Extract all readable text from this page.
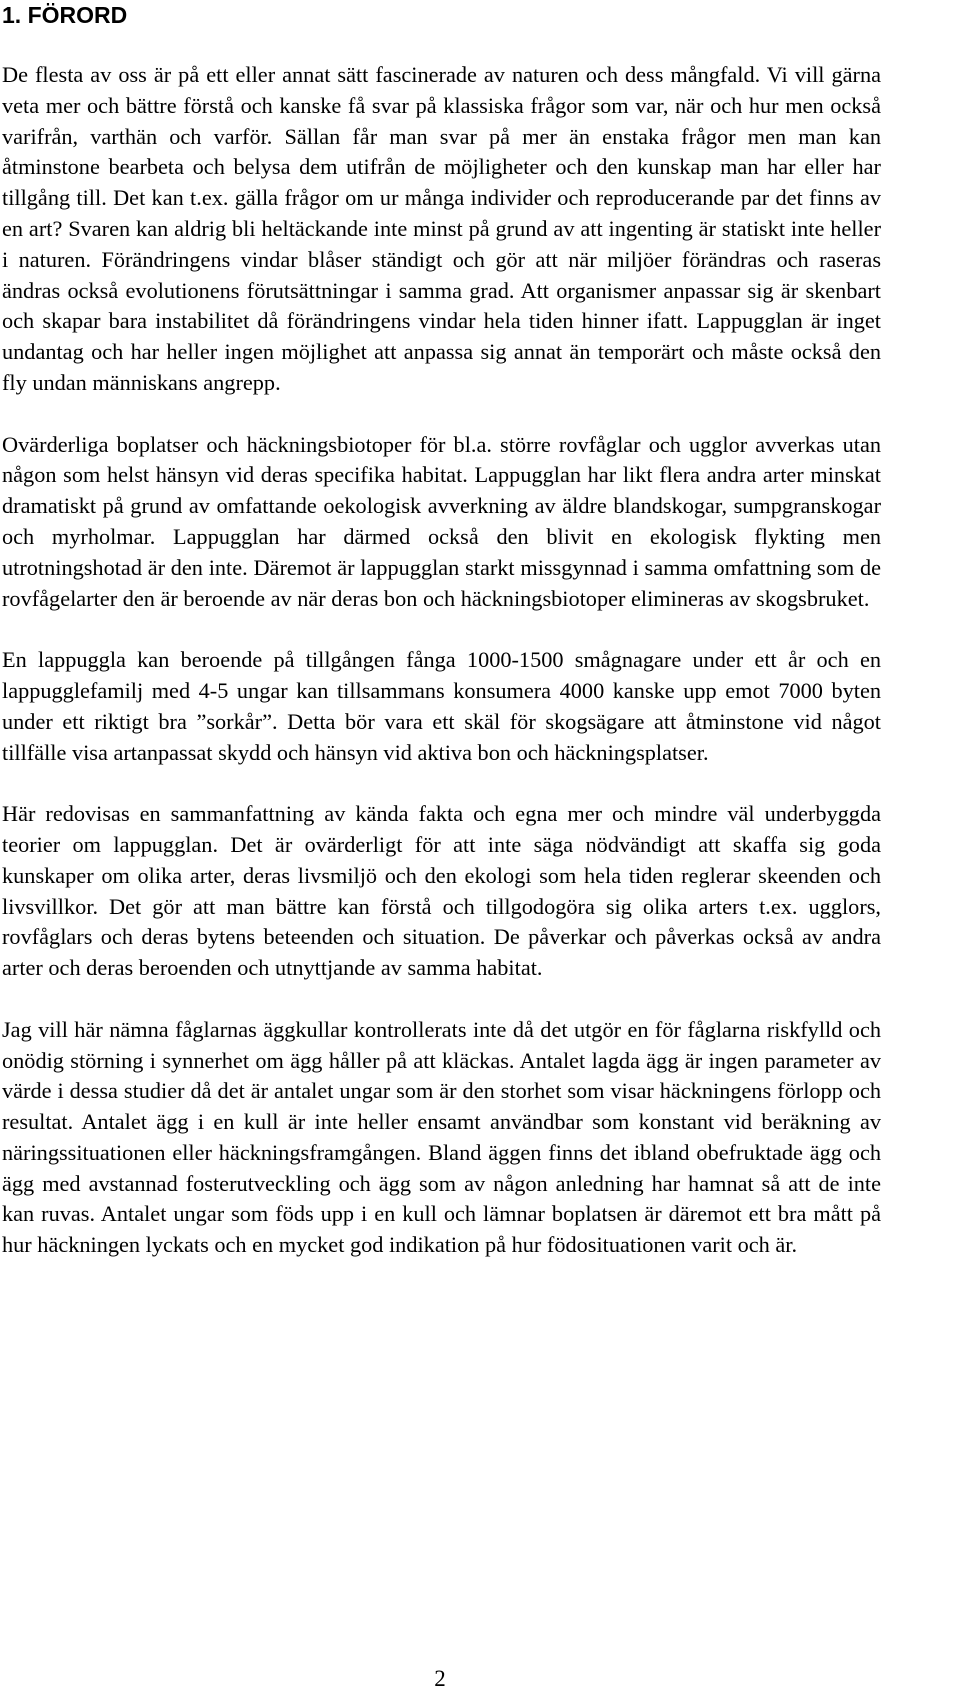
1. FÖRORD

De flesta av oss är på ett eller annat sätt fascinerade av naturen och dess mångfald. Vi vill gärna veta mer och bättre förstå och kanske få svar på klassiska frågor som var, när och hur men också varifrån, varthän och varför. Sällan får man svar på mer än enstaka frågor men man kan åtminstone bearbeta och belysa dem utifrån de möjligheter och den kunskap man har eller har tillgång till. Det kan t.ex. gälla frågor om ur många individer och reproducerande par det finns av en art? Svaren kan aldrig bli heltäckande inte minst på grund av att ingenting är statiskt inte heller i naturen. Förändringens vindar blåser ständigt och gör att när miljöer förändras och raseras ändras också evolutionens förutsättningar i samma grad. Att organismer anpassar sig är skenbart och skapar bara instabilitet då förändringens vindar hela tiden hinner ifatt. Lappugglan är inget undantag och har heller ingen möjlighet att anpassa sig annat än temporärt och måste också den fly undan människans angrepp.

Ovärderliga boplatser och häckningsbiotoper för bl.a. större rovfåglar och ugglor avverkas utan någon som helst hänsyn vid deras specifika habitat. Lappugglan har likt flera andra arter minskat dramatiskt på grund av omfattande oekologisk avverkning av äldre blandskogar, sumpgranskogar och myrholmar. Lappugglan har därmed också den blivit en ekologisk flykting men utrotningshotad är den inte. Däremot är lappugglan starkt missgynnad i samma omfattning som de rovfågelarter den är beroende av när deras bon och häckningsbiotoper elimineras av skogsbruket.

En lappuggla kan beroende på tillgången fånga 1000-1500 smågnagare under ett år och en lappugglefamilj med 4-5 ungar kan tillsammans konsumera 4000 kanske upp emot 7000 byten under ett riktigt bra ”sorkår”. Detta bör vara ett skäl för skogsägare att åtminstone vid något tillfälle visa artanpassat skydd och hänsyn vid aktiva bon och häckningsplatser.

Här redovisas en sammanfattning av kända fakta och egna mer och mindre väl underbyggda teorier om lappugglan. Det är ovärderligt för att inte säga nödvändigt att skaffa sig goda kunskaper om olika arter, deras livsmiljö och den ekologi som hela tiden reglerar skeenden och livsvillkor. Det gör att man bättre kan förstå och tillgodogöra sig olika arters t.ex. ugglors, rovfåglars och deras bytens beteenden och situation. De påverkar och påverkas också av andra arter och deras beroenden och utnyttjande av samma habitat.

Jag vill här nämna fåglarnas äggkullar kontrollerats inte då det utgör en för fåglarna riskfylld och onödig störning i synnerhet om ägg håller på att kläckas. Antalet lagda ägg är ingen parameter av värde i dessa studier då det är antalet ungar som är den storhet som visar häckningens förlopp och resultat. Antalet ägg i en kull är inte heller ensamt användbar som konstant vid beräkning av näringssituationen eller häckningsframgången. Bland äggen finns det ibland obefruktade ägg och ägg med avstannad fosterutveckling och ägg som av någon anledning har hamnat så att de inte kan ruvas. Antalet ungar som föds upp i en kull och lämnar boplatsen är däremot ett bra mått på hur häckningen lyckats och en mycket god indikation på hur födosituationen varit och är.

2
